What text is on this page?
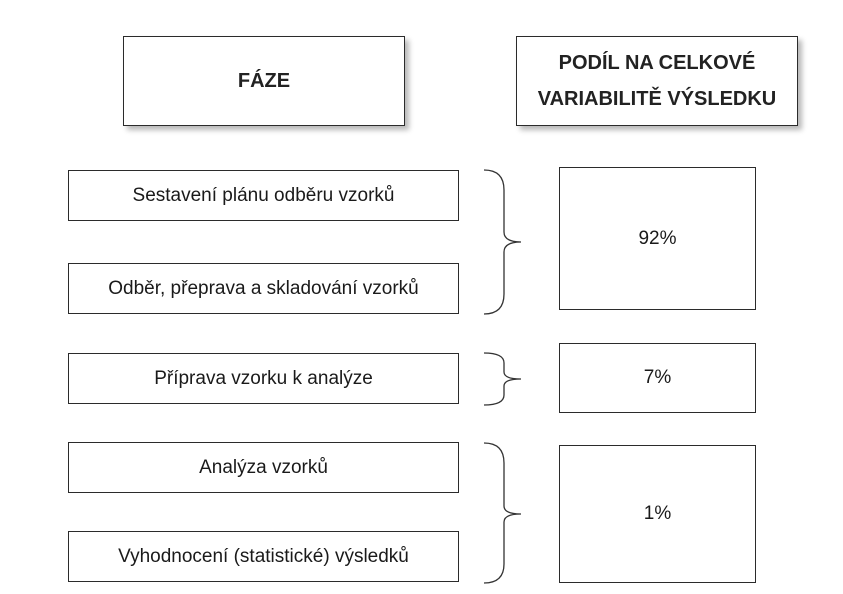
FÁZE
PODÍL NA CELKOVÉ
VARIABILITĚ VÝSLEDKU
Sestavení plánu odběru vzorků
Odběr, přeprava a skladování vzorků
Příprava vzorku k analýze
Analýza vzorků
Vyhodnocení (statistické) výsledků
92%
7%
1%
